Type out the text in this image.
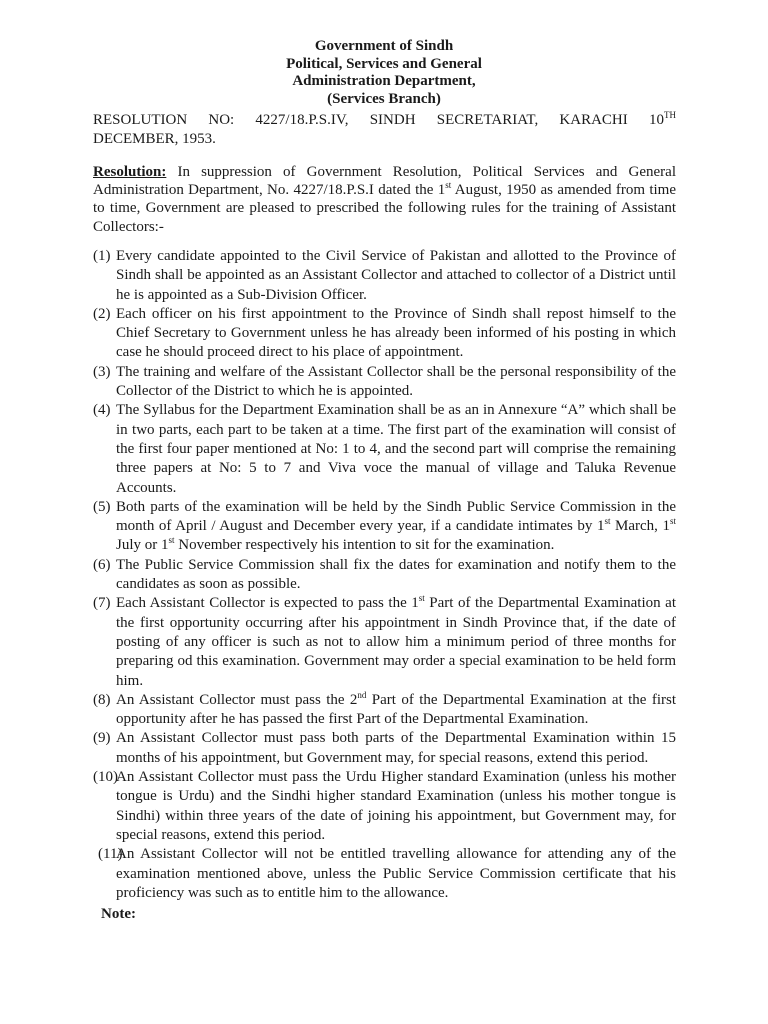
Government of Sindh
Political, Services and General
Administration Department,
(Services Branch)
RESOLUTION NO: 4227/18.P.S.IV, SINDH SECRETARIAT, KARACHI 10TH
DECEMBER, 1953.
Resolution: In suppression of Government Resolution, Political Services and General Administration Department, No. 4227/18.P.S.I dated the 1st August, 1950 as amended from time to time, Government are pleased to prescribed the following rules for the training of Assistant Collectors:-
(1) Every candidate appointed to the Civil Service of Pakistan and allotted to the Province of Sindh shall be appointed as an Assistant Collector and attached to collector of a District until he is appointed as a Sub-Division Officer.
(2) Each officer on his first appointment to the Province of Sindh shall repost himself to the Chief Secretary to Government unless he has already been informed of his posting in which case he should proceed direct to his place of appointment.
(3) The training and welfare of the Assistant Collector shall be the personal responsibility of the Collector of the District to which he is appointed.
(4) The Syllabus for the Department Examination shall be as an in Annexure “A” which shall be in two parts, each part to be taken at a time. The first part of the examination will consist of the first four paper mentioned at No: 1 to 4, and the second part will comprise the remaining three papers at No: 5 to 7 and Viva voce the manual of village and Taluka Revenue Accounts.
(5) Both parts of the examination will be held by the Sindh Public Service Commission in the month of April / August and December every year, if a candidate intimates by 1st March, 1st July or 1st November respectively his intention to sit for the examination.
(6) The Public Service Commission shall fix the dates for examination and notify them to the candidates as soon as possible.
(7) Each Assistant Collector is expected to pass the 1st Part of the Departmental Examination at the first opportunity occurring after his appointment in Sindh Province that, if the date of posting of any officer is such as not to allow him a minimum period of three months for preparing od this examination. Government may order a special examination to be held form him.
(8) An Assistant Collector must pass the 2nd Part of the Departmental Examination at the first opportunity after he has passed the first Part of the Departmental Examination.
(9) An Assistant Collector must pass both parts of the Departmental Examination within 15 months of his appointment, but Government may, for special reasons, extend this period.
(10)
An Assistant Collector must pass the Urdu Higher standard Examination (unless his mother tongue is Urdu) and the Sindhi higher standard Examination (unless his mother tongue is Sindhi) within three years of the date of joining his appointment, but Government may, for special reasons, extend this period.
(11)
An Assistant Collector will not be entitled travelling allowance for attending any of the examination mentioned above, unless the Public Service Commission certificate that his proficiency was such as to entitle him to the allowance.
Note:
